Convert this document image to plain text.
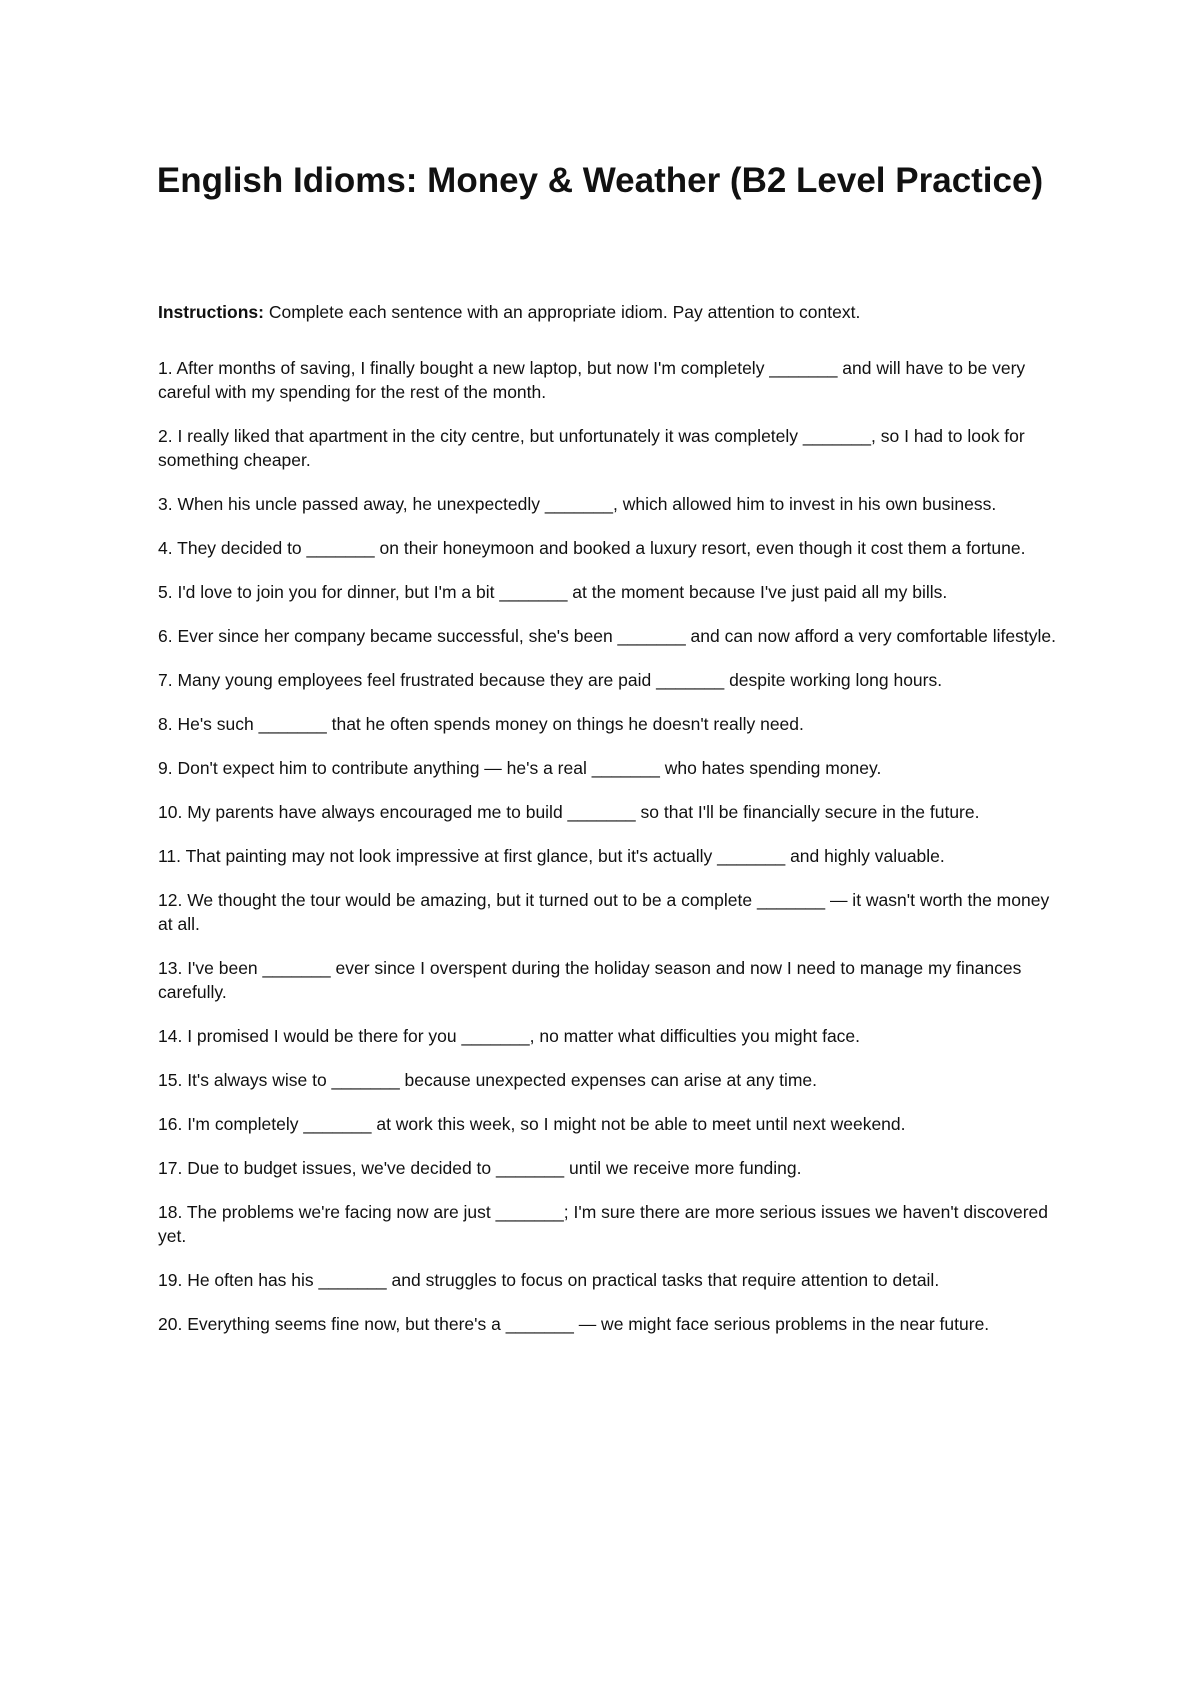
English Idioms: Money & Weather (B2 Level Practice)

Instructions: Complete each sentence with an appropriate idiom. Pay attention to context.

1. After months of saving, I finally bought a new laptop, but now I'm completely _______ and will have to be very careful with my spending for the rest of the month.
2. I really liked that apartment in the city centre, but unfortunately it was completely _______, so I had to look for something cheaper.
3. When his uncle passed away, he unexpectedly _______, which allowed him to invest in his own business.
4. They decided to _______ on their honeymoon and booked a luxury resort, even though it cost them a fortune.
5. I'd love to join you for dinner, but I'm a bit _______ at the moment because I've just paid all my bills.
6. Ever since her company became successful, she's been _______ and can now afford a very comfortable lifestyle.
7. Many young employees feel frustrated because they are paid _______ despite working long hours.
8. He's such _______ that he often spends money on things he doesn't really need.
9. Don't expect him to contribute anything — he's a real _______ who hates spending money.
10. My parents have always encouraged me to build _______ so that I'll be financially secure in the future.
11. That painting may not look impressive at first glance, but it's actually _______ and highly valuable.
12. We thought the tour would be amazing, but it turned out to be a complete _______ — it wasn't worth the money at all.
13. I've been _______ ever since I overspent during the holiday season and now I need to manage my finances carefully.
14. I promised I would be there for you _______, no matter what difficulties you might face.
15. It's always wise to _______ because unexpected expenses can arise at any time.
16. I'm completely _______ at work this week, so I might not be able to meet until next weekend.
17. Due to budget issues, we've decided to _______ until we receive more funding.
18. The problems we're facing now are just _______; I'm sure there are more serious issues we haven't discovered yet.
19. He often has his _______ and struggles to focus on practical tasks that require attention to detail.
20. Everything seems fine now, but there's a _______ — we might face serious problems in the near future.
